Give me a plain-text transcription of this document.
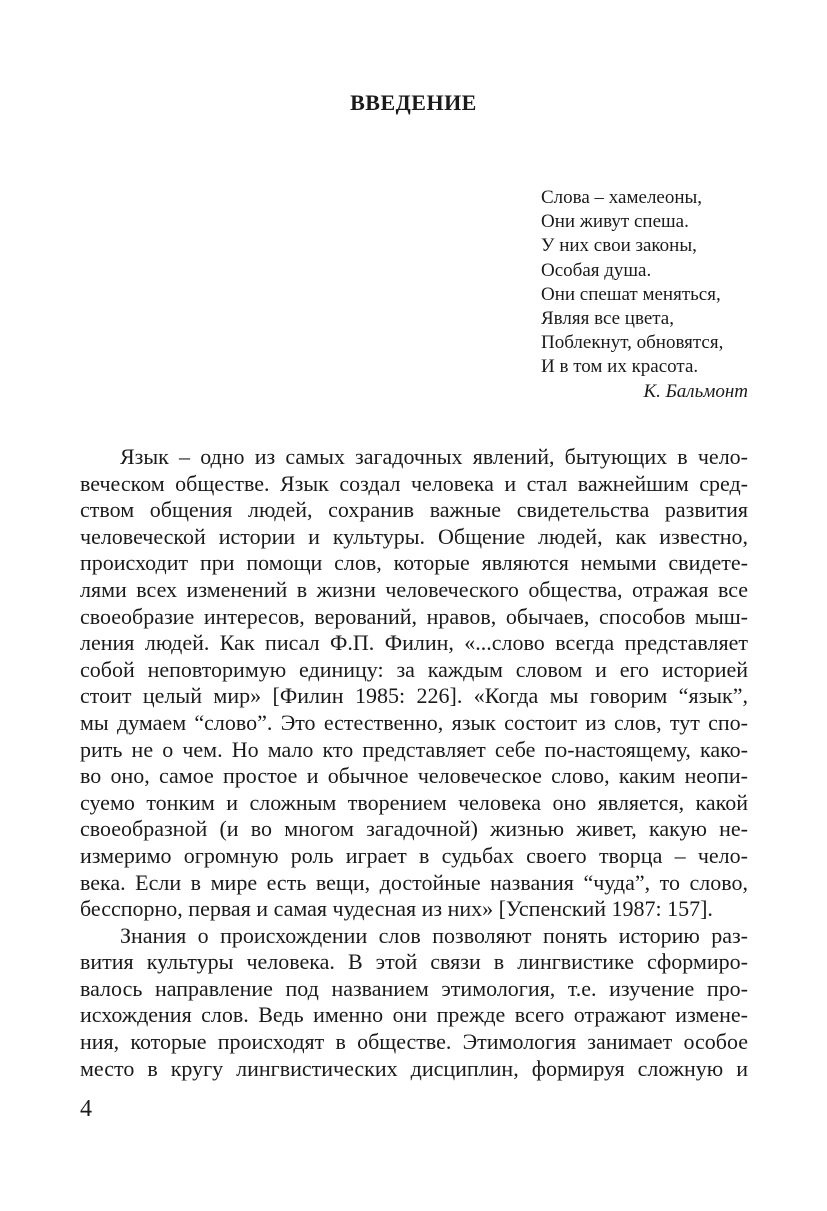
ВВЕДЕНИЕ
Слова – хамелеоны,
Они живут спеша.
У них свои законы,
Особая душа.
Они спешат меняться,
Являя все цвета,
Поблекнут, обновятся,
И в том их красота.
К. Бальмонт
Язык – одно из самых загадочных явлений, бытующих в чело-
веческом обществе. Язык создал человека и стал важнейшим сред-
ством общения людей, сохранив важные свидетельства развития
человеческой истории и культуры. Общение людей, как известно,
происходит при помощи слов, которые являются немыми свидете-
лями всех изменений в жизни человеческого общества, отражая все
своеобразие интересов, верований, нравов, обычаев, способов мыш-
ления людей. Как писал Ф.П. Филин, «...слово всегда представляет
собой неповторимую единицу: за каждым словом и его историей
стоит целый мир» [Филин 1985: 226]. «Когда мы говорим “язык”,
мы думаем “слово”. Это естественно, язык состоит из слов, тут спо-
рить не о чем. Но мало кто представляет себе по-настоящему, како-
во оно, самое простое и обычное человеческое слово, каким неопи-
суемо тонким и сложным творением человека оно является, какой
своеобразной (и во многом загадочной) жизнью живет, какую не-
измеримо огромную роль играет в судьбах своего творца – чело-
века. Если в мире есть вещи, достойные названия “чуда”, то слово,
бесспорно, первая и самая чудесная из них» [Успенский 1987: 157].
Знания о происхождении слов позволяют понять историю раз-
вития культуры человека. В этой связи в лингвистике сформиро-
валось направление под названием этимология, т.е. изучение про-
исхождения слов. Ведь именно они прежде всего отражают измене-
ния, которые происходят в обществе. Этимология занимает особое
место в кругу лингвистических дисциплин, формируя сложную и
4
